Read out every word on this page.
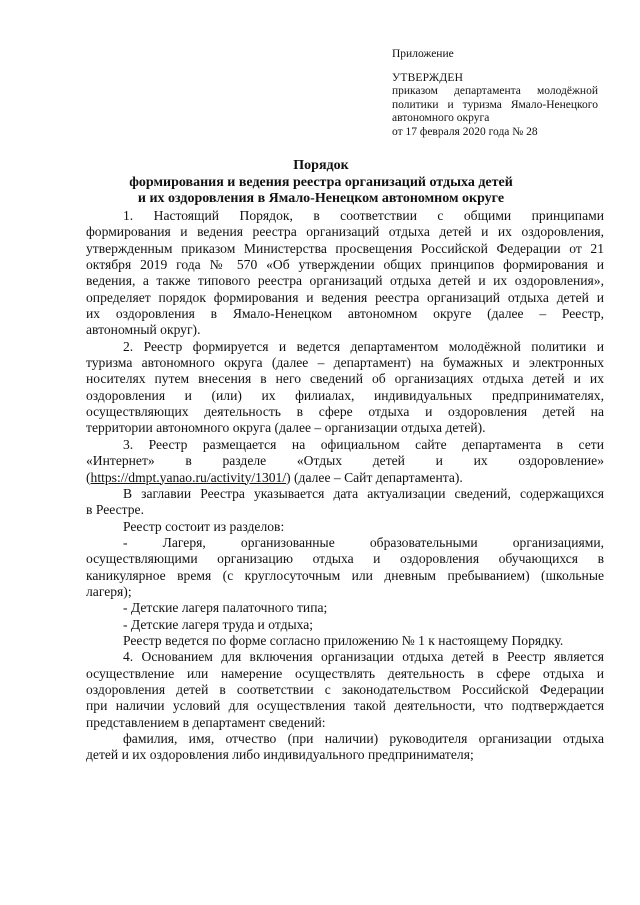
Приложение
УТВЕРЖДЕН
приказом департамента молодёжной
политики и туризма Ямало-Ненецкого
автономного округа
от 17 февраля 2020 года № 28
Порядок
формирования и ведения реестра организаций отдыха детей
и их оздоровления в Ямало-Ненецком автономном округе
1. Настоящий Порядок, в соответствии с общими принципами
формирования и ведения реестра организаций отдыха детей и их оздоровления,
утвержденным приказом Министерства просвещения Российской Федерации от 21
октября 2019 года № 570 «Об утверждении общих принципов формирования и
ведения, а также типового реестра организаций отдыха детей и их оздоровления»,
определяет порядок формирования и ведения реестра организаций отдыха детей и
их оздоровления в Ямало-Ненецком автономном округе (далее – Реестр,
автономный округ).
2. Реестр формируется и ведется департаментом молодёжной политики и
туризма автономного округа (далее – департамент) на бумажных и электронных
носителях путем внесения в него сведений об организациях отдыха детей и их
оздоровления и (или) их филиалах, индивидуальных предпринимателях,
осуществляющих деятельность в сфере отдыха и оздоровления детей на
территории автономного округа (далее – организации отдыха детей).
3. Реестр размещается на официальном сайте департамента в сети
«Интернет» в разделе «Отдых детей и их оздоровление»
(https://dmpt.yanao.ru/activity/1301/) (далее – Сайт департамента).
В заглавии Реестра указывается дата актуализации сведений, содержащихся
в Реестре.
Реестр состоит из разделов:
- Лагеря, организованные образовательными организациями,
осуществляющими организацию отдыха и оздоровления обучающихся в
каникулярное время (с круглосуточным или дневным пребыванием) (школьные
лагеря);
- Детские лагеря палаточного типа;
- Детские лагеря труда и отдыха;
Реестр ведется по форме согласно приложению № 1 к настоящему Порядку.
4. Основанием для включения организации отдыха детей в Реестр является
осуществление или намерение осуществлять деятельность в сфере отдыха и
оздоровления детей в соответствии с законодательством Российской Федерации
при наличии условий для осуществления такой деятельности, что подтверждается
представлением в департамент сведений:
фамилия, имя, отчество (при наличии) руководителя организации отдыха
детей и их оздоровления либо индивидуального предпринимателя;
